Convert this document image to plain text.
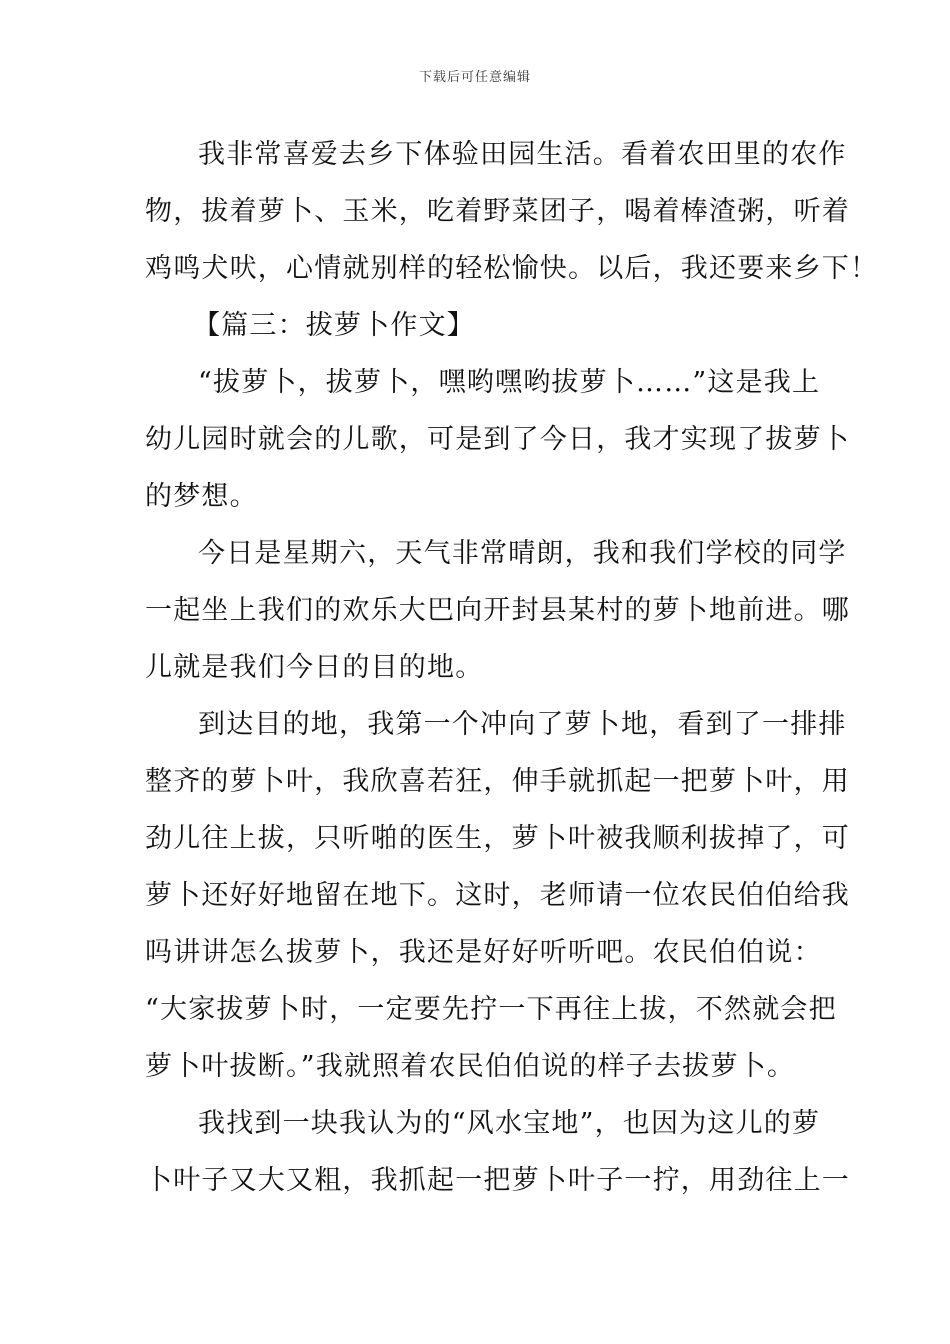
下载后可任意编辑
我非常喜爱去乡下体验田园生活。看着农田里的农作
物，拔着萝卜、玉米，吃着野菜团子，喝着棒渣粥，听着
鸡鸣犬吠，心情就别样的轻松愉快。以后，我还要来乡下！
【篇三：拔萝卜作文】
“拔萝卜，拔萝卜，嘿哟嘿哟拔萝卜……”这是我上
幼儿园时就会的儿歌，可是到了今日，我才实现了拔萝卜
的梦想。
今日是星期六，天气非常晴朗，我和我们学校的同学
一起坐上我们的欢乐大巴向开封县某村的萝卜地前进。哪
儿就是我们今日的目的地。
到达目的地，我第一个冲向了萝卜地，看到了一排排
整齐的萝卜叶，我欣喜若狂，伸手就抓起一把萝卜叶，用
劲儿往上拔，只听啪的医生，萝卜叶被我顺利拔掉了，可
萝卜还好好地留在地下。这时，老师请一位农民伯伯给我
吗讲讲怎么拔萝卜，我还是好好听听吧。农民伯伯说：
“大家拔萝卜时，一定要先拧一下再往上拔，不然就会把
萝卜叶拔断。”我就照着农民伯伯说的样子去拔萝卜。
我找到一块我认为的“风水宝地”，也因为这儿的萝
卜叶子又大又粗，我抓起一把萝卜叶子一拧，用劲往上一
